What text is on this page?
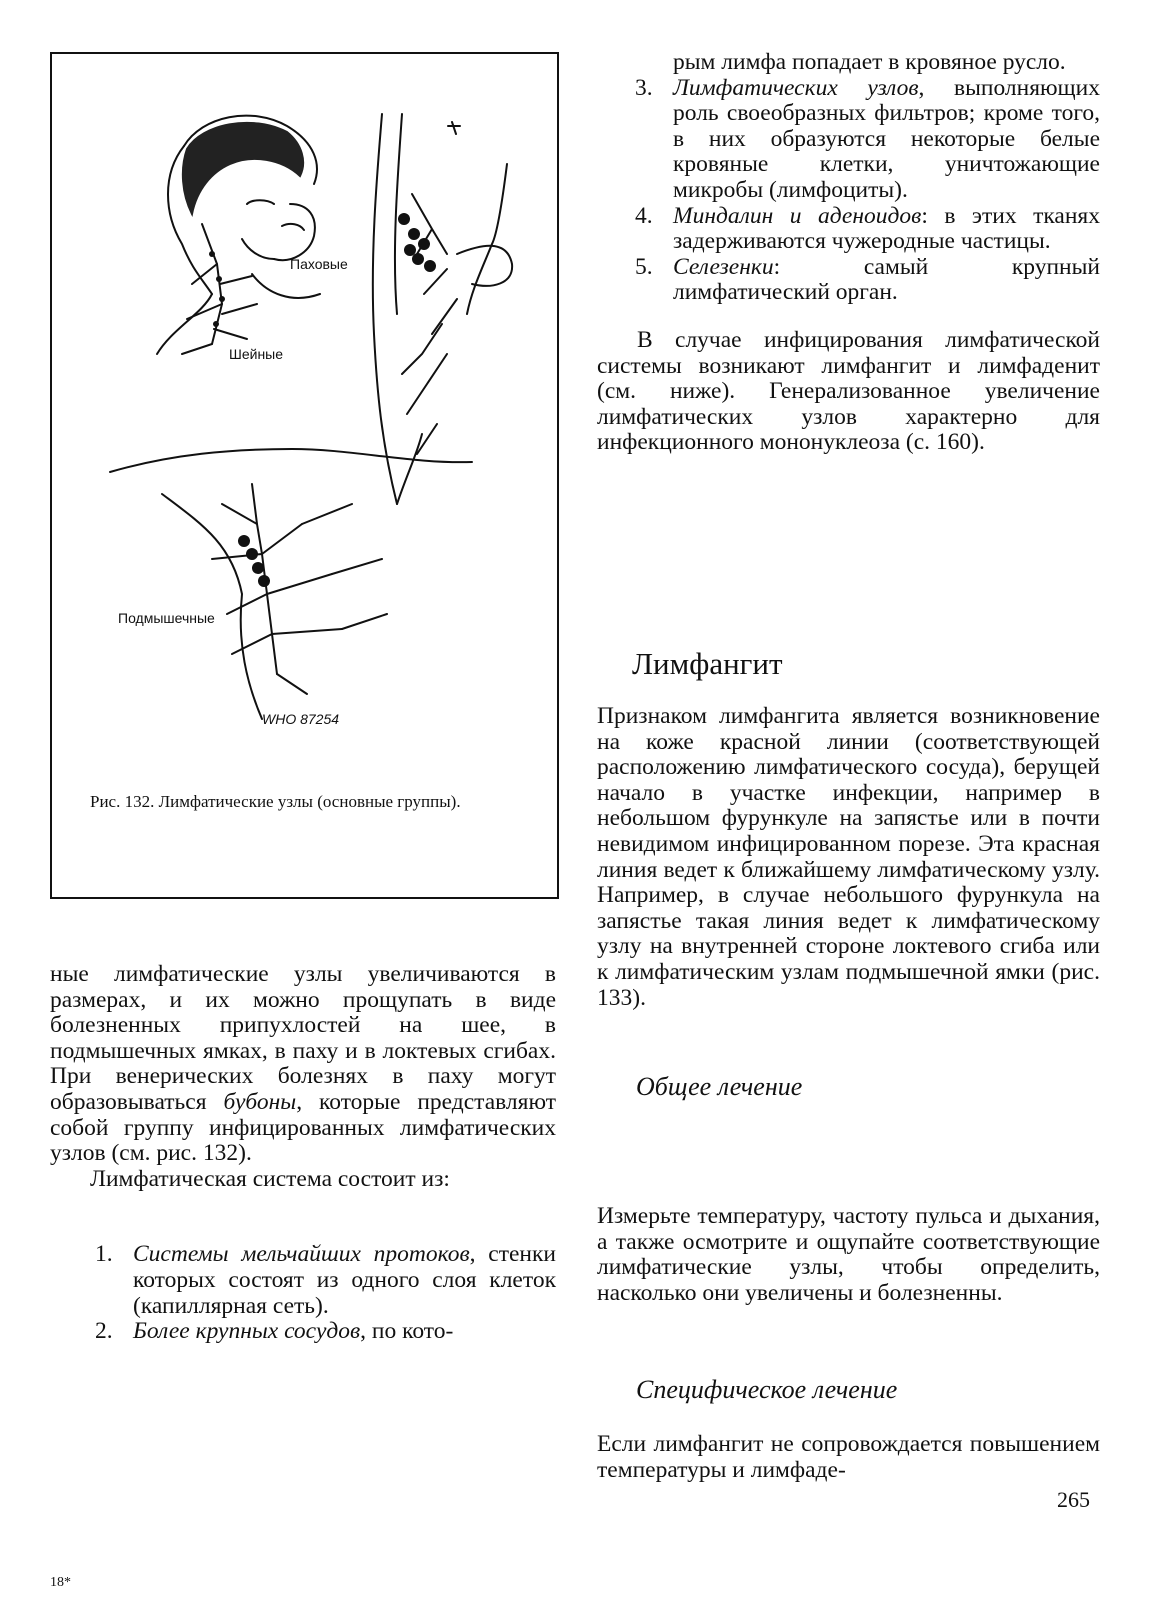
Паховые
Шейные
Подмышечные
WHO 87254
Рис. 132. Лимфатические узлы (основные группы).

рым лимфа попадает в кровяное русло.

3. Лимфатических узлов, выполняющих роль своеобразных фильтров; кроме того, в них образуются некоторые белые кровяные клетки, уничтожающие микробы (лимфоциты).

4. Миндалин и аденоидов: в этих тканях задерживаются чужеродные частицы.

5. Селезенки: самый крупный лимфатический орган.

В случае инфицирования лимфатической системы возникают лимфангит и лимфаденит (см. ниже). Генерализованное увеличение лимфатических узлов характерно для инфекционного мононуклеоза (с. 160).

Лимфангит
Признаком лимфангита является возникновение на коже красной линии (соответствующей расположению лимфатического сосуда), берущей начало в участке инфекции, например в небольшом фурункуле на запястье или в почти невидимом инфицированном порезе. Эта красная линия ведет к ближайшему лимфатическому узлу. Например, в случае небольшого фурункула на запястье такая линия ведет к лимфатическому узлу на внутренней стороне локтевого сгиба или к лимфатическим узлам подмышечной ямки (рис. 133).
Общее лечение
Измерьте температуру, частоту пульса и дыхания, а также осмотрите и ощупайте соответствующие лимфатические узлы, чтобы определить, насколько они увеличены и болезненны.
Специфическое лечение
Если лимфангит не сопровождается повышением температуры и лимфаде-

ные лимфатические узлы увеличиваются в размерах, и их можно прощупать в виде болезненных припухлостей на шее, в подмышечных ямках, в паху и в локтевых сгибах. При венерических болезнях в паху могут образовываться бубоны, которые представляют собой группу инфицированных лимфатических узлов (см. рис. 132).

Лимфатическая система состоит из:

1. Системы мельчайших протоков, стенки которых состоят из одного слоя клеток (капиллярная сеть).

2. Более крупных сосудов, по кото-

265
18*
